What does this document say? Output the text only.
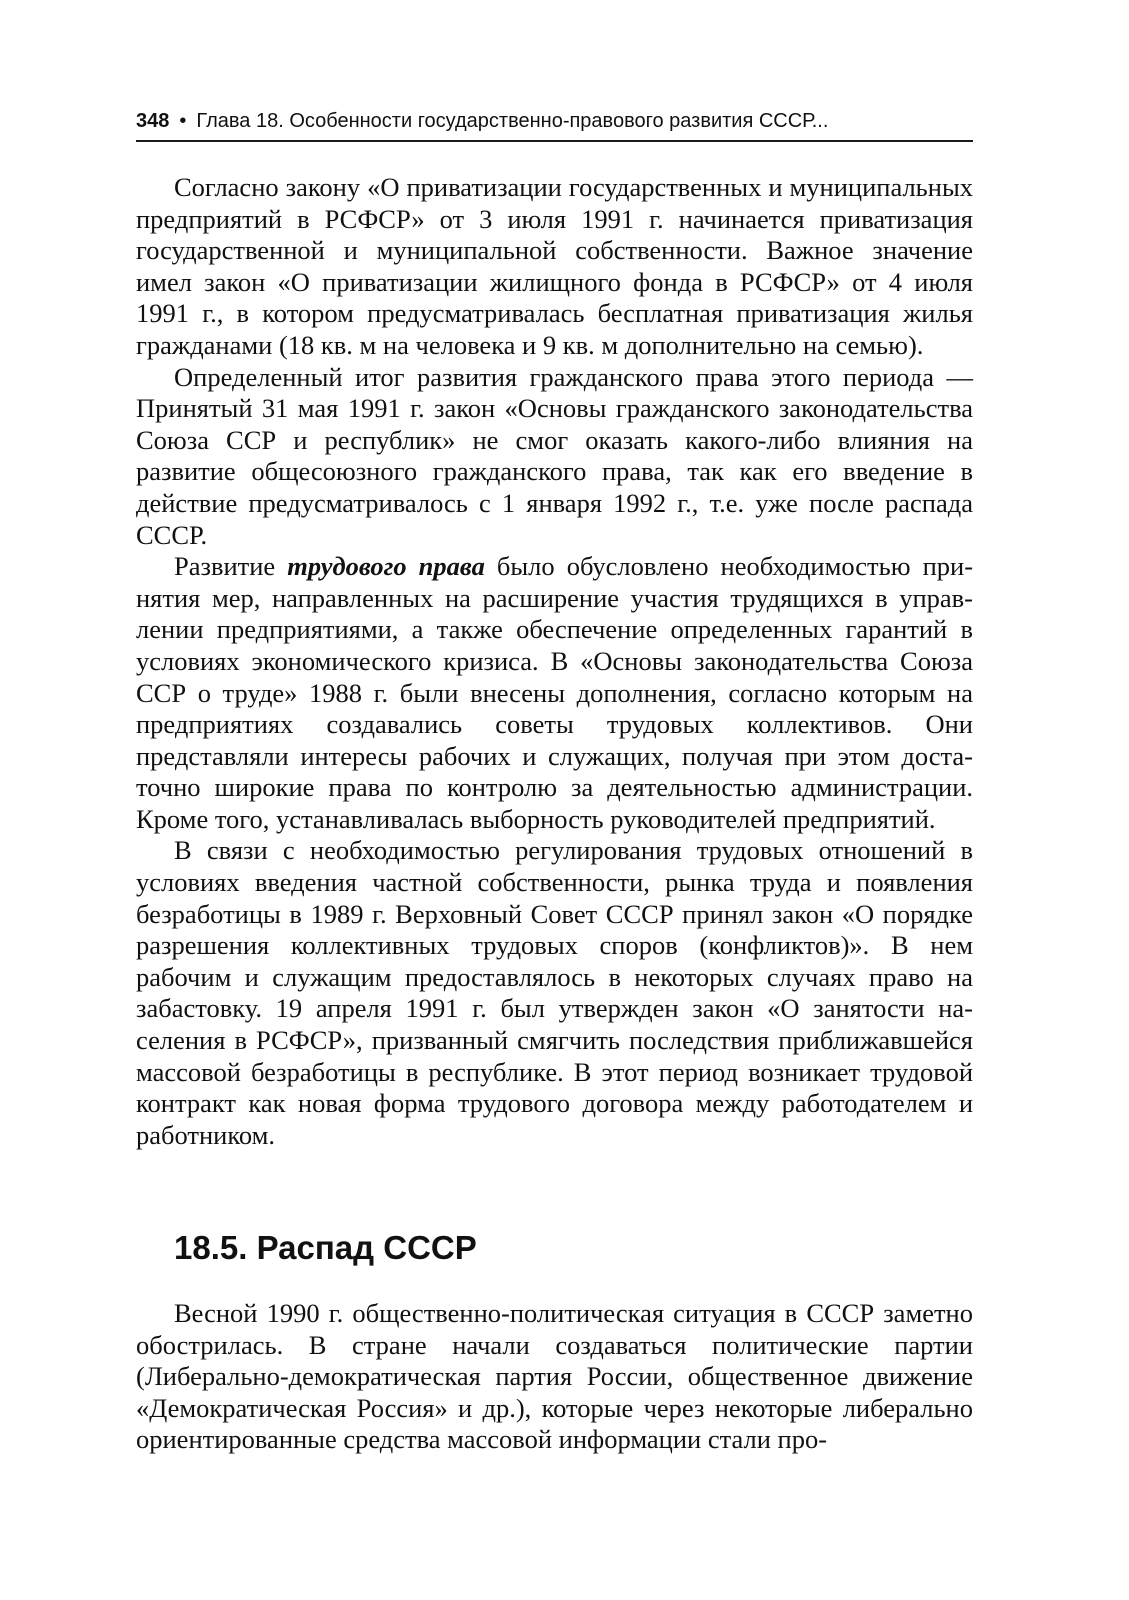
348 • Глава 18. Особенности государственно-правового развития СССР...

Согласно закону «О приватизации государственных и муниципальных предприятий в РСФСР» от 3 июля 1991 г. начинается приватизация государственной и муниципальной собственности. Важное значение имел закон «О приватизации жилищного фонда в РСФСР» от 4 июля 1991 г., в котором предусматривалась бесплатная приватизация жилья гражданами (18 кв. м на человека и 9 кв. м дополнительно на семью).

Определенный итог развития гражданского права этого периода — Принятый 31 мая 1991 г. закон «Основы гражданского законодательства Союза ССР и республик» не смог оказать какого-либо влияния на развитие общесоюзного гражданского права, так как его введение в действие предусматривалось с 1 января 1992 г., т.е. уже после распада СССР.

Развитие трудового права было обусловлено необходимостью принятия мер, направленных на расширение участия трудящихся в управлении предприятиями, а также обеспечение определенных гарантий в условиях экономического кризиса. В «Основы законодательства Союза ССР о труде» 1988 г. были внесены дополнения, согласно которым на предприятиях создавались советы трудовых коллективов. Они представляли интересы рабочих и служащих, получая при этом достаточно широкие права по контролю за деятельностью администрации. Кроме того, устанавливалась выборность руководителей предприятий.

В связи с необходимостью регулирования трудовых отношений в условиях введения частной собственности, рынка труда и появления безработицы в 1989 г. Верховный Совет СССР принял закон «О порядке разрешения коллективных трудовых споров (конфликтов)». В нем рабочим и служащим предоставлялось в некоторых случаях право на забастовку. 19 апреля 1991 г. был утвержден закон «О занятости населения в РСФСР», призванный смягчить последствия приближавшейся массовой безработицы в республике. В этот период возникает трудовой контракт как новая форма трудового договора между работодателем и работником.

18.5. Распад СССР

Весной 1990 г. общественно-политическая ситуация в СССР заметно обострилась. В стране начали создаваться политические партии (Либерально-демократическая партия России, общественное движение «Демократическая Россия» и др.), которые через некоторые либерально ориентированные средства массовой информации стали про-
